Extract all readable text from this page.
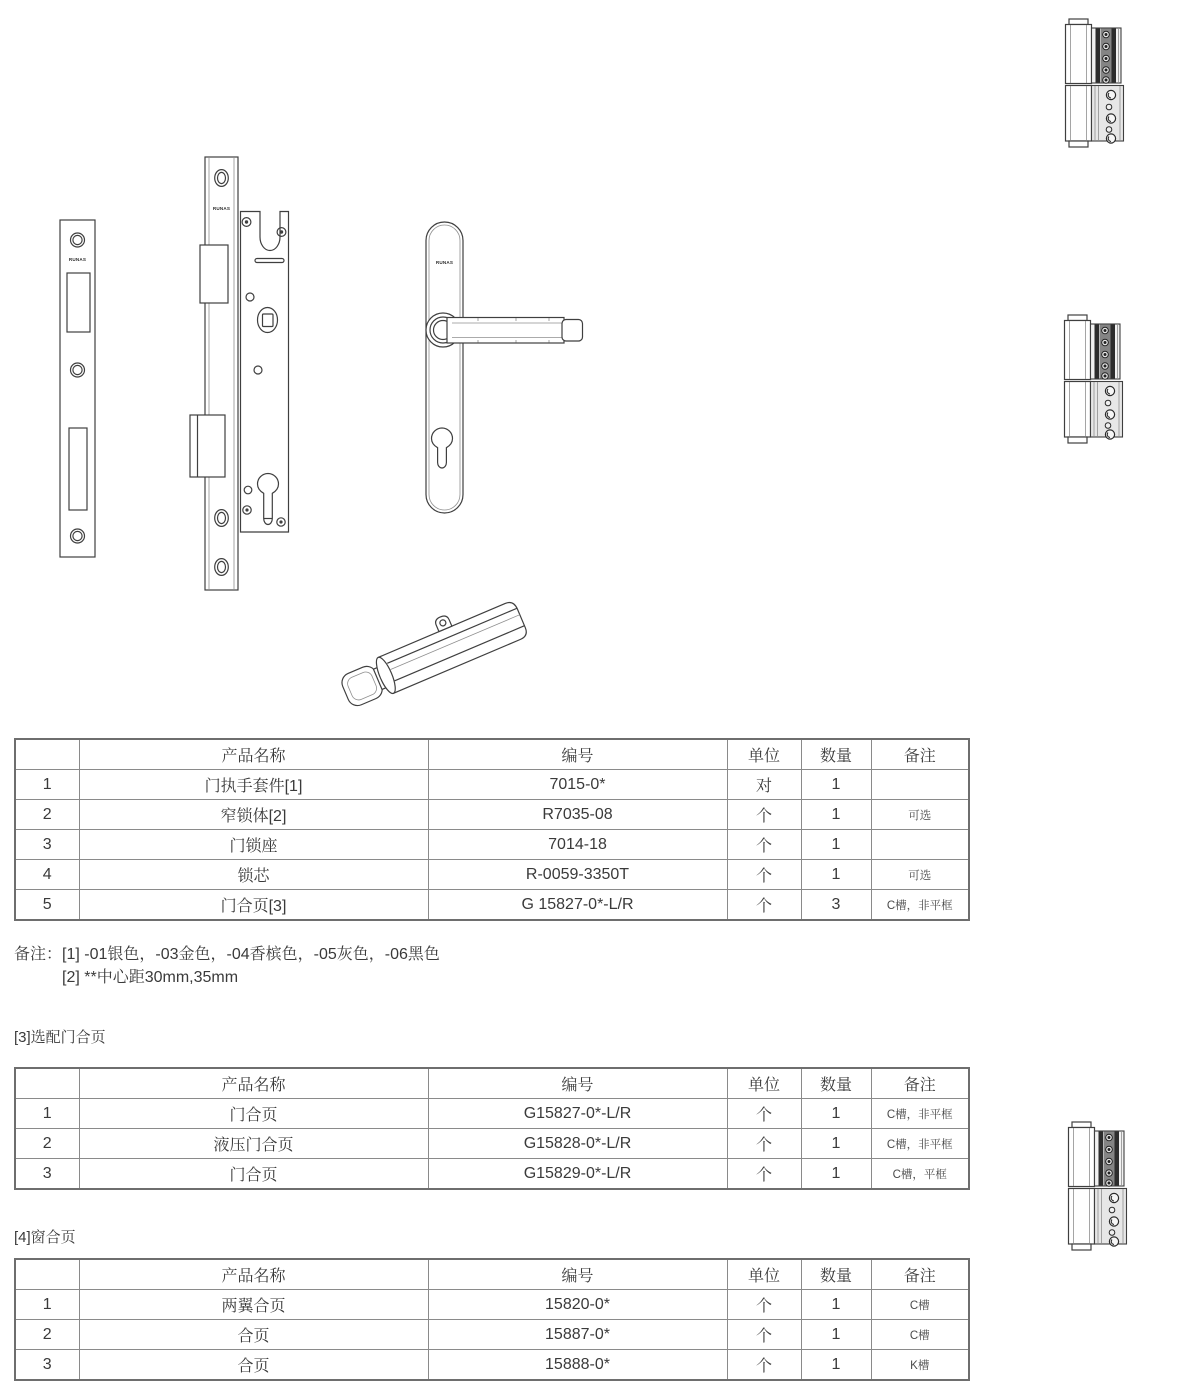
RUNAS
RUNAS
RUNAS
	产品名称	编号	单位	数量	备注
1	门执手套件[1]	7015-0*	对	1	
2	窄锁体[2]	R7035-08	个	1	可选
3	门锁座	7014-18	个	1	
4	锁芯	R-0059-3350T	个	1	可选
5	门合页[3]	G 15827-0*-L/R	个	3	C槽，非平框
备注： [1] -01银色，-03金色，-04香槟色，-05灰色，-06黑色
[2] **中心距30mm,35mm
[3]选配门合页
	产品名称	编号	单位	数量	备注
1	门合页	G15827-0*-L/R	个	1	C槽，非平框
2	液压门合页	G15828-0*-L/R	个	1	C槽，非平框
3	门合页	G15829-0*-L/R	个	1	C槽，平框
[4]窗合页
	产品名称	编号	单位	数量	备注
1	两翼合页	15820-0*	个	1	C槽
2	合页	15887-0*	个	1	C槽
3	合页	15888-0*	个	1	K槽
